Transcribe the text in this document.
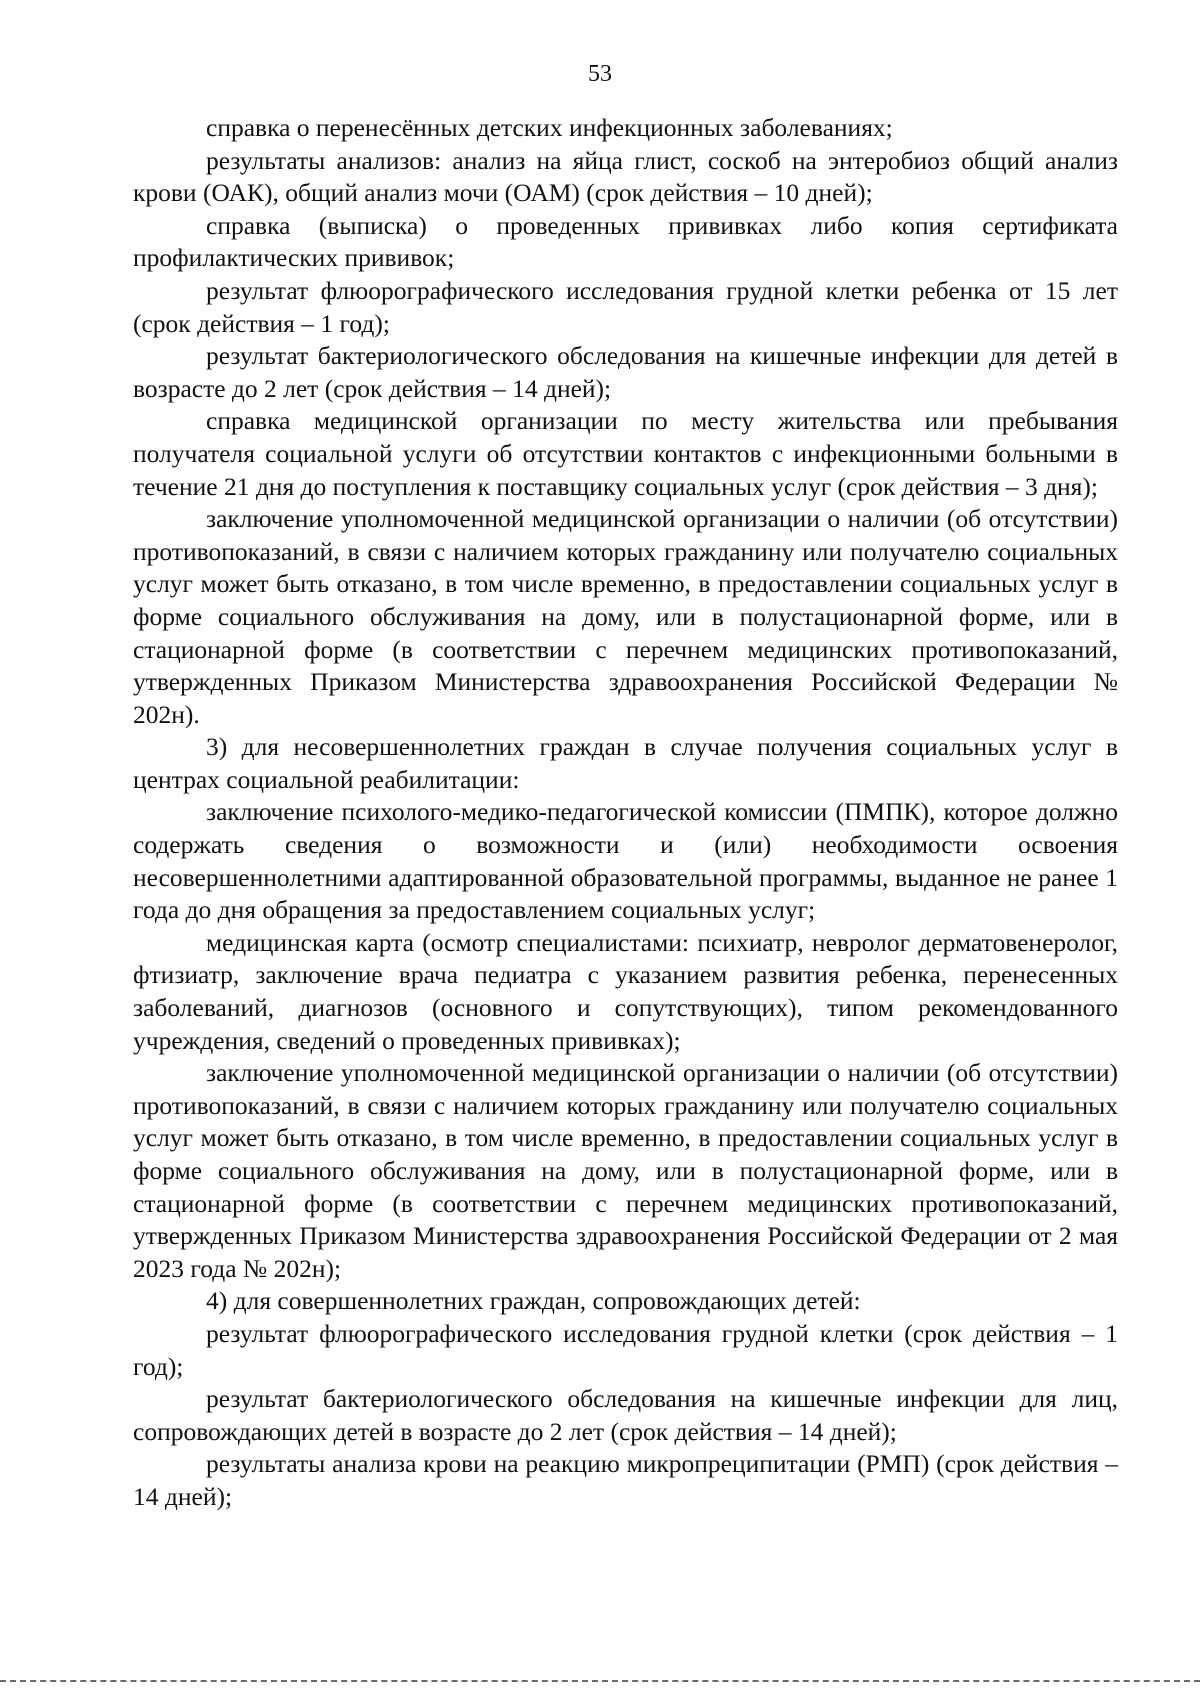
53

справка о перенесённых детских инфекционных заболеваниях;

результаты анализов: анализ на яйца глист, соскоб на энтеробиоз общий анализ крови (ОАК), общий анализ мочи (ОАМ) (срок действия – 10 дней);

справка (выписка) о проведенных прививках либо копия сертификата профилактических прививок;

результат флюорографического исследования грудной клетки ребенка от 15 лет (срок действия – 1 год);

результат бактериологического обследования на кишечные инфекции для детей в возрасте до 2 лет (срок действия – 14 дней);

справка медицинской организации по месту жительства или пребывания получателя социальной услуги об отсутствии контактов с инфекционными больными в течение 21 дня до поступления к поставщику социальных услуг (срок действия – 3 дня);

заключение уполномоченной медицинской организации о наличии (об отсутствии) противопоказаний, в связи с наличием которых гражданину или получателю социальных услуг может быть отказано, в том числе временно, в предоставлении социальных услуг в форме социального обслуживания на дому, или в полустационарной форме, или в стационарной форме (в соответствии с перечнем медицинских противопоказаний, утвержденных Приказом Министерства здравоохранения Российской Федерации № 202н).

3) для несовершеннолетних граждан в случае получения социальных услуг в центрах социальной реабилитации:

заключение психолого-медико-педагогической комиссии (ПМПК), которое должно содержать сведения о возможности и (или) необходимости освоения несовершеннолетними адаптированной образовательной программы, выданное не ранее 1 года до дня обращения за предоставлением социальных услуг;

медицинская карта (осмотр специалистами: психиатр, невролог дерматовенеролог, фтизиатр, заключение врача педиатра с указанием развития ребенка, перенесенных заболеваний, диагнозов (основного и сопутствующих), типом рекомендованного учреждения, сведений о проведенных прививках);

заключение уполномоченной медицинской организации о наличии (об отсутствии) противопоказаний, в связи с наличием которых гражданину или получателю социальных услуг может быть отказано, в том числе временно, в предоставлении социальных услуг в форме социального обслуживания на дому, или в полустационарной форме, или в стационарной форме (в соответствии с перечнем медицинских противопоказаний, утвержденных Приказом Министерства здравоохранения Российской Федерации от 2 мая 2023 года № 202н);

4) для совершеннолетних граждан, сопровождающих детей:

результат флюорографического исследования грудной клетки (срок действия – 1 год);

результат бактериологического обследования на кишечные инфекции для лиц, сопровождающих детей в возрасте до 2 лет (срок действия – 14 дней);

результаты анализа крови на реакцию микропреципитации (РМП) (срок действия – 14 дней);
